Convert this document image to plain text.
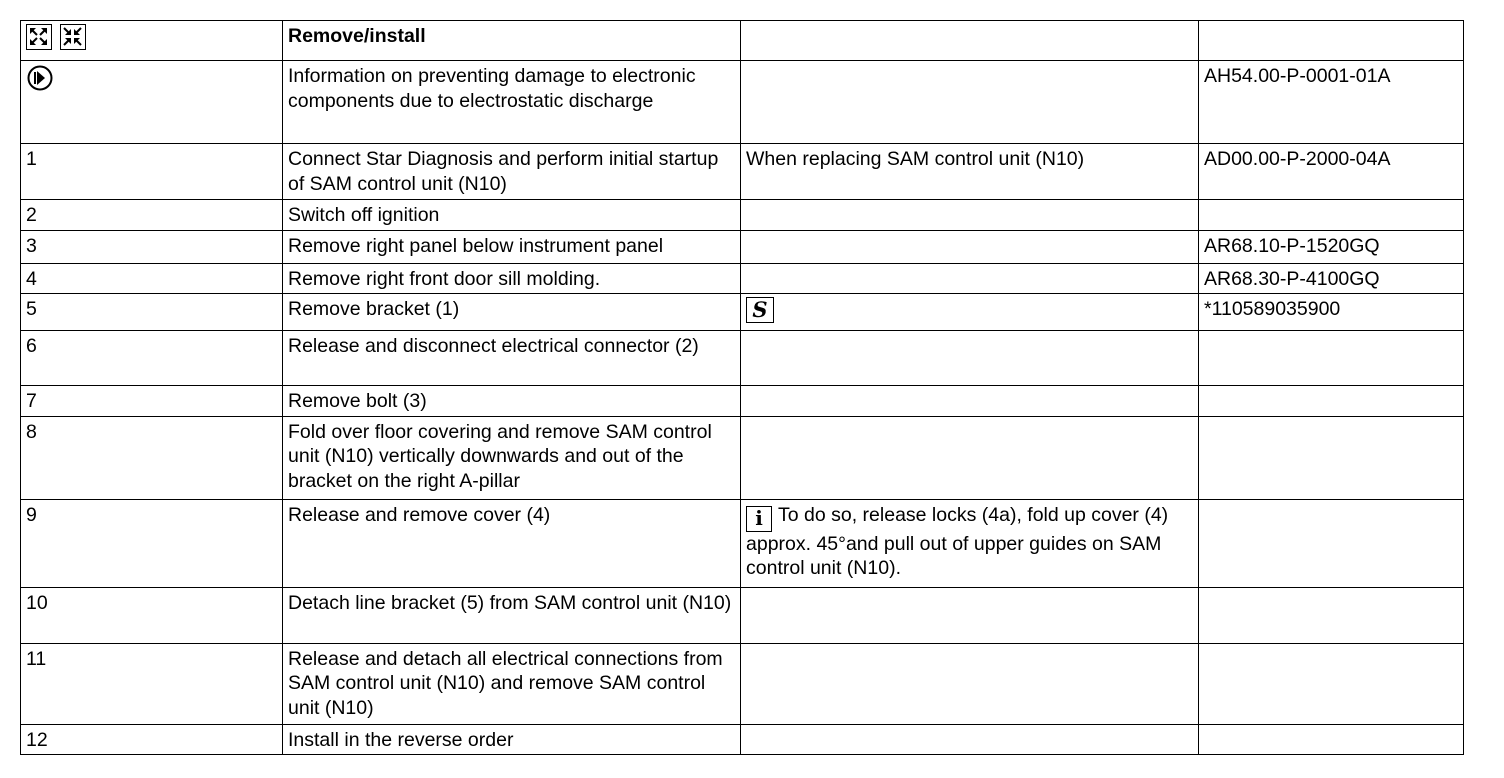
	Remove/install		
	Information on preventing damage to electronic components due to electrostatic discharge		AH54.00-P-0001-01A
1	Connect Star Diagnosis and perform initial startup of SAM control unit (N10)	When replacing SAM control unit (N10)	AD00.00-P-2000-04A
2	Switch off ignition		
3	Remove right panel below instrument panel		AR68.10-P-1520GQ
4	Remove right front door sill molding.		AR68.30-P-4100GQ
5	Remove bracket (1)	S	*110589035900
6	Release and disconnect electrical connector (2)		
7	Remove bolt (3)		
8	Fold over floor covering and remove SAM control unit (N10) vertically downwards and out of the bracket on the right A-pillar		
9	Release and remove cover (4)	i To do so, release locks (4a), fold up cover (4) approx. 45°and pull out of upper guides on SAM control unit (N10).	
10	Detach line bracket (5) from SAM control unit (N10)		
11	Release and detach all electrical connections from SAM control unit (N10) and remove SAM control unit (N10)		
12	Install in the reverse order		
